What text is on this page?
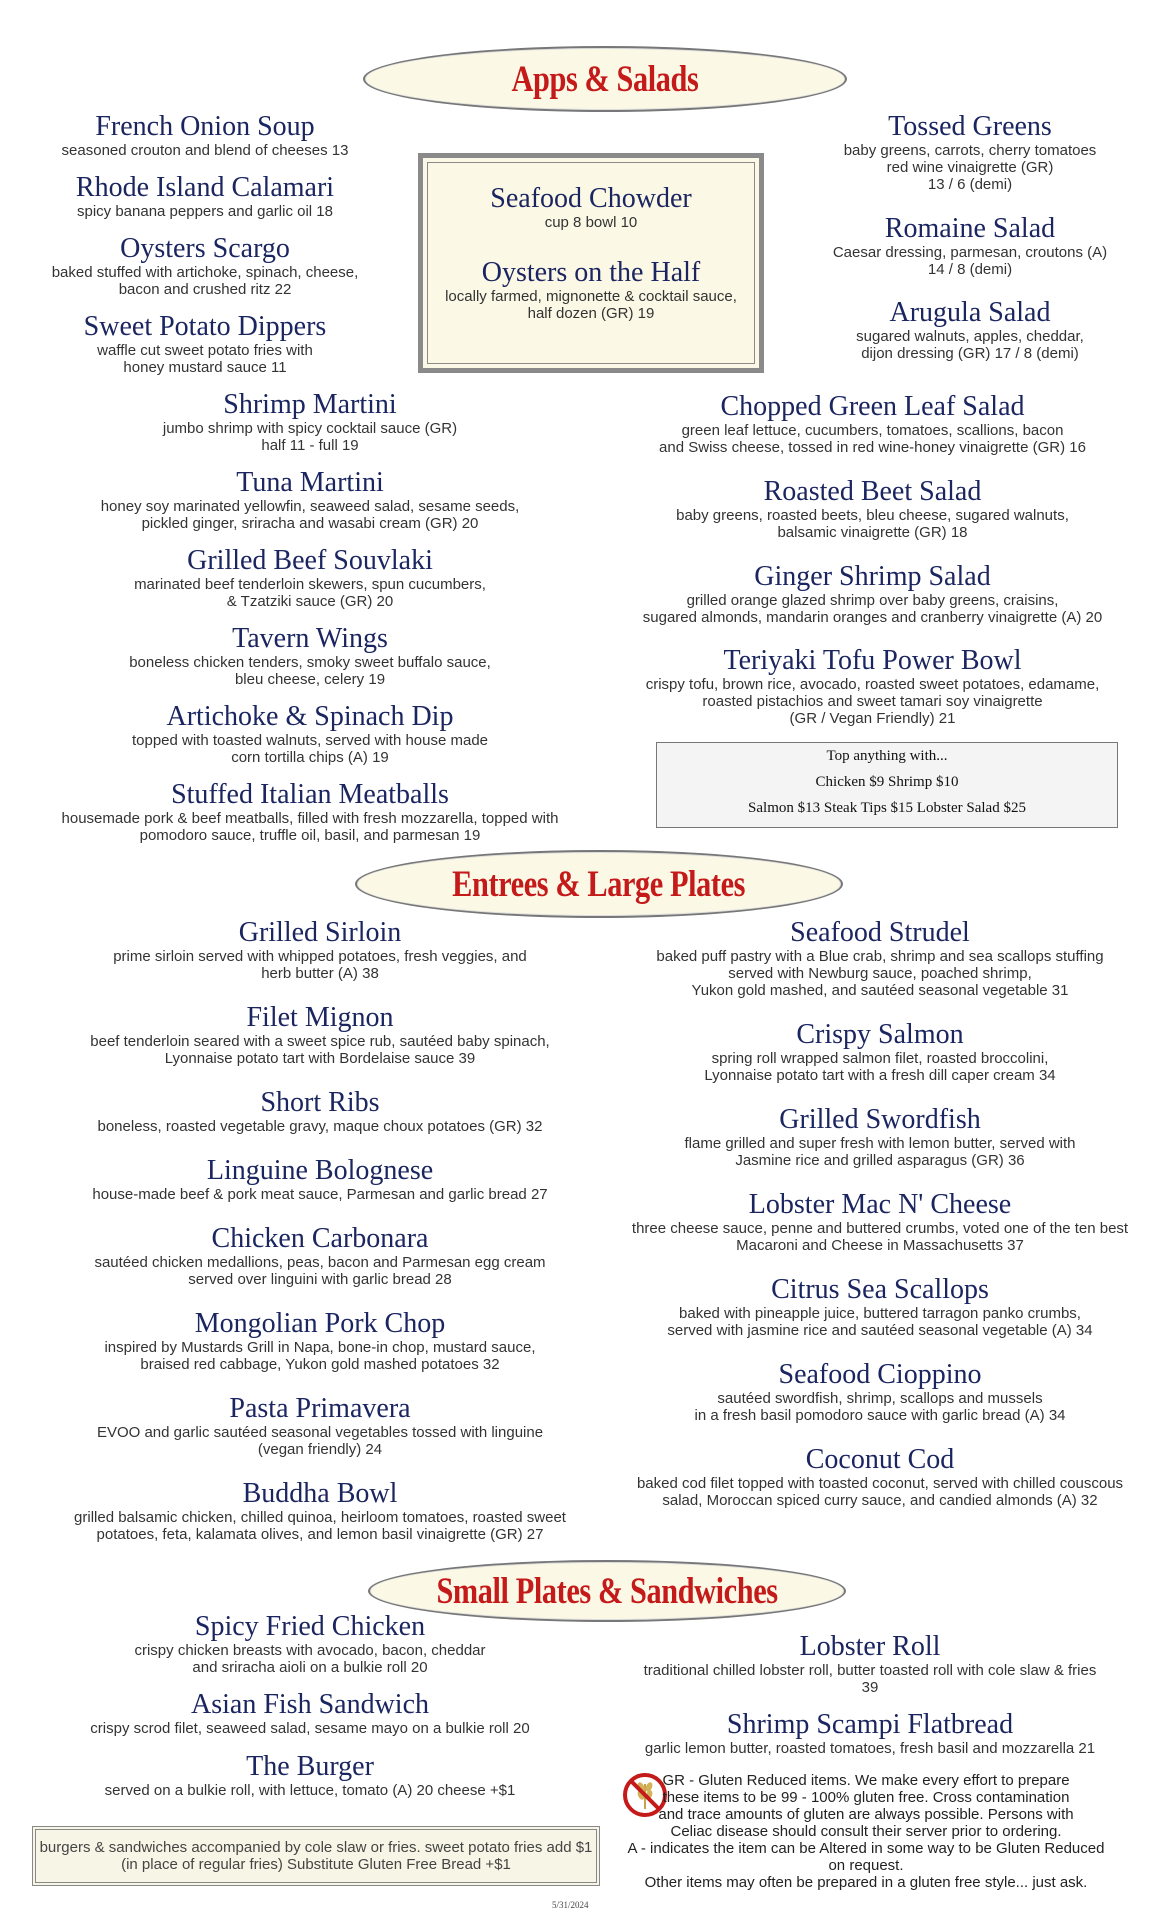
Apps & Salads
Entrees & Large Plates
Small Plates & Sandwiches
French Onion Soup
seasoned crouton and blend of cheeses 13
Rhode Island Calamari
spicy banana peppers and garlic oil 18
Oysters Scargo
baked stuffed with artichoke, spinach, cheese,
bacon and crushed ritz 22
Sweet Potato Dippers
waffle cut sweet potato fries with
honey mustard sauce 11
Shrimp Martini
jumbo shrimp with spicy cocktail sauce (GR)
half 11 - full 19
Tuna Martini
honey soy marinated yellowfin, seaweed salad, sesame seeds,
pickled ginger, sriracha and wasabi cream (GR) 20
Grilled Beef Souvlaki
marinated beef tenderloin skewers, spun cucumbers,
& Tzatziki sauce (GR) 20
Tavern Wings
boneless chicken tenders, smoky sweet buffalo sauce,
bleu cheese, celery 19
Artichoke & Spinach Dip
topped with toasted walnuts, served with house made
corn tortilla chips (A) 19
Stuffed Italian Meatballs
housemade pork & beef meatballs, filled with fresh mozzarella, topped with
pomodoro sauce, truffle oil, basil, and parmesan 19
Seafood Chowder
cup 8 bowl 10
Oysters on the Half
locally farmed, mignonette & cocktail sauce,
half dozen (GR) 19
Tossed Greens
baby greens, carrots, cherry tomatoes
red wine vinaigrette (GR)
13 / 6 (demi)
Romaine Salad
Caesar dressing, parmesan, croutons (A)
14 / 8 (demi)
Arugula Salad
sugared walnuts, apples, cheddar,
dijon dressing (GR) 17 / 8 (demi)
Chopped Green Leaf Salad
green leaf lettuce, cucumbers, tomatoes, scallions, bacon
and Swiss cheese, tossed in red wine-honey vinaigrette (GR) 16
Roasted Beet Salad
baby greens, roasted beets, bleu cheese, sugared walnuts,
balsamic vinaigrette (GR) 18
Ginger Shrimp Salad
grilled orange glazed shrimp over baby greens, craisins,
sugared almonds, mandarin oranges and cranberry vinaigrette (A) 20
Teriyaki Tofu Power Bowl
crispy tofu, brown rice, avocado, roasted sweet potatoes, edamame,
roasted pistachios and sweet tamari soy vinaigrette
(GR / Vegan Friendly) 21
Top anything with...
Chicken $9 Shrimp $10
Salmon $13 Steak Tips $15 Lobster Salad $25
Grilled Sirloin
prime sirloin served with whipped potatoes, fresh veggies, and
herb butter (A) 38
Filet Mignon
beef tenderloin seared with a sweet spice rub, sautéed baby spinach,
Lyonnaise potato tart with Bordelaise sauce 39
Short Ribs
boneless, roasted vegetable gravy, maque choux potatoes (GR) 32
Linguine Bolognese
house-made beef & pork meat sauce, Parmesan and garlic bread 27
Chicken Carbonara
sautéed chicken medallions, peas, bacon and Parmesan egg cream
served over linguini with garlic bread 28
Mongolian Pork Chop
inspired by Mustards Grill in Napa, bone-in chop, mustard sauce,
braised red cabbage, Yukon gold mashed potatoes 32
Pasta Primavera
EVOO and garlic sautéed seasonal vegetables tossed with linguine
(vegan friendly) 24
Buddha Bowl
grilled balsamic chicken, chilled quinoa, heirloom tomatoes, roasted sweet
potatoes, feta, kalamata olives, and lemon basil vinaigrette (GR) 27
Seafood Strudel
baked puff pastry with a Blue crab, shrimp and sea scallops stuffing
served with Newburg sauce, poached shrimp,
Yukon gold mashed, and sautéed seasonal vegetable 31
Crispy Salmon
spring roll wrapped salmon filet, roasted broccolini,
Lyonnaise potato tart with a fresh dill caper cream 34
Grilled Swordfish
flame grilled and super fresh with lemon butter, served with
Jasmine rice and grilled asparagus (GR) 36
Lobster Mac N' Cheese
three cheese sauce, penne and buttered crumbs, voted one of the ten best
Macaroni and Cheese in Massachusetts 37
Citrus Sea Scallops
baked with pineapple juice, buttered tarragon panko crumbs,
served with jasmine rice and sautéed seasonal vegetable (A) 34
Seafood Cioppino
sautéed swordfish, shrimp, scallops and mussels
in a fresh basil pomodoro sauce with garlic bread (A) 34
Coconut Cod
baked cod filet topped with toasted coconut, served with chilled couscous
salad, Moroccan spiced curry sauce, and candied almonds (A) 32
Spicy Fried Chicken
crispy chicken breasts with avocado, bacon, cheddar
and sriracha aioli on a bulkie roll 20
Asian Fish Sandwich
crispy scrod filet, seaweed salad, sesame mayo on a bulkie roll 20
The Burger
served on a bulkie roll, with lettuce, tomato (A) 20 cheese +$1
Lobster Roll
traditional chilled lobster roll, butter toasted roll with cole slaw & fries
39
Shrimp Scampi Flatbread
garlic lemon butter, roasted tomatoes, fresh basil and mozzarella 21
burgers & sandwiches accompanied by cole slaw or fries. sweet potato fries add $1
(in place of regular fries) Substitute Gluten Free Bread +$1
GR - Gluten Reduced items. We make every effort to prepare
these items to be 99 - 100% gluten free. Cross contamination
and trace amounts of gluten are always possible. Persons with
Celiac disease should consult their server prior to ordering.
A - indicates the item can be Altered in some way to be Gluten Reduced
on request.
Other items may often be prepared in a gluten free style... just ask.
5/31/2024
